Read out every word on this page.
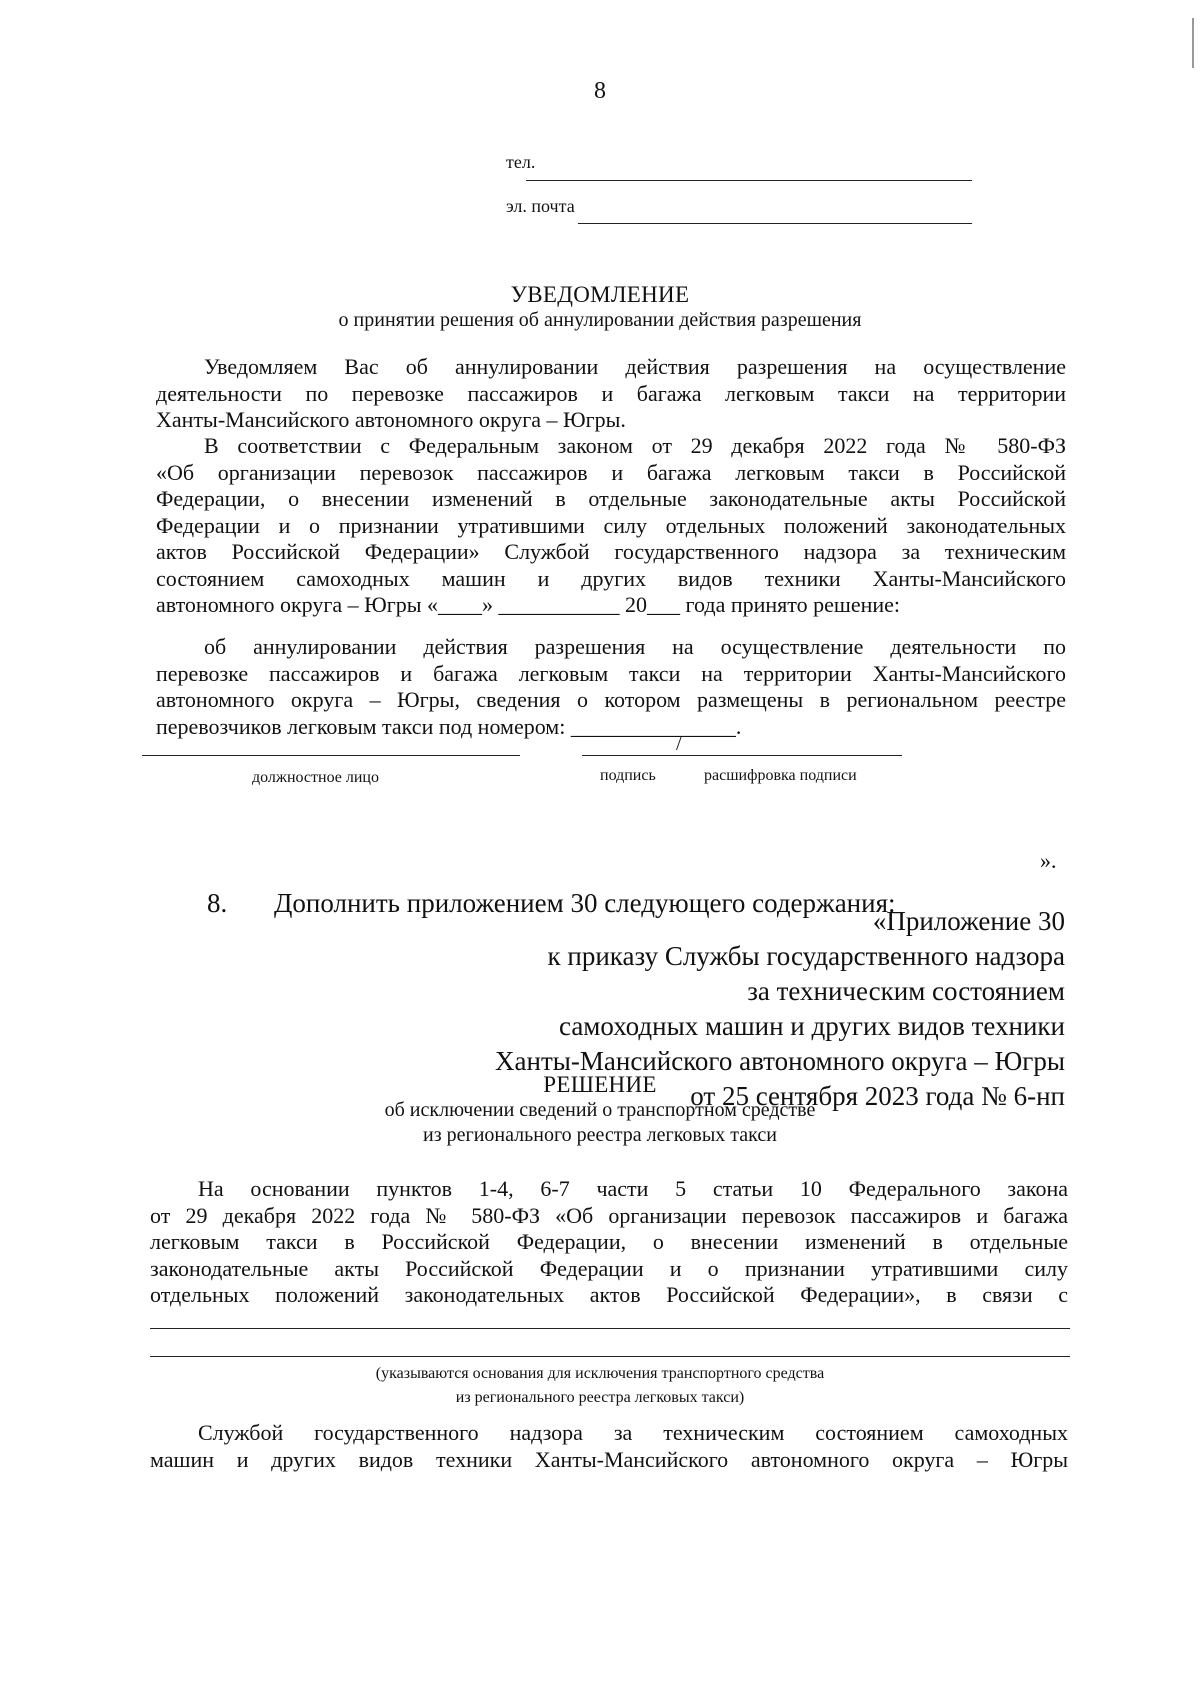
8
тел.
эл. почта
УВЕДОМЛЕНИЕ
о принятии решения об аннулировании действия разрешения
Уведомляем Вас об аннулировании действия разрешения на осуществление
деятельности по перевозке пассажиров и багажа легковым такси на территории
Ханты-Мансийского автономного округа – Югры.
В соответствии с Федеральным законом от 29 декабря 2022 года № 580-ФЗ
«Об организации перевозок пассажиров и багажа легковым такси в Российской
Федерации, о внесении изменений в отдельные законодательные акты Российской
Федерации и о признании утратившими силу отдельных положений законодательных
актов Российской Федерации» Службой государственного надзора за техническим
состоянием самоходных машин и других видов техники Ханты-Мансийского
автономного округа – Югры «____» ___________ 20___ года принято решение:
об аннулировании действия разрешения на осуществление деятельности по
перевозке пассажиров и багажа легковым такси на территории Ханты-Мансийского
автономного округа – Югры, сведения о котором размещены в региональном реестре
перевозчиков легковым такси под номером: _______________.
/
должностное лицо	подпись	расшифровка подписи
».
8. Дополнить приложением 30 следующего содержания:
«Приложение 30
к приказу Службы государственного надзора
за техническим состоянием
самоходных машин и других видов техники
Ханты-Мансийского автономного округа – Югры
от 25 сентября 2023 года № 6-нп
РЕШЕНИЕ
об исключении сведений о транспортном средстве
из регионального реестра легковых такси
На основании пунктов 1-4, 6-7 части 5 статьи 10 Федерального закона
от 29 декабря 2022 года № 580-ФЗ «Об организации перевозок пассажиров и багажа
легковым такси в Российской Федерации, о внесении изменений в отдельные
законодательные акты Российской Федерации и о признании утратившими силу
отдельных положений законодательных актов Российской Федерации», в связи с
(указываются основания для исключения транспортного средства
из регионального реестра легковых такси)
Службой государственного надзора за техническим состоянием самоходных
машин и других видов техники Ханты-Мансийского автономного округа – Югры
